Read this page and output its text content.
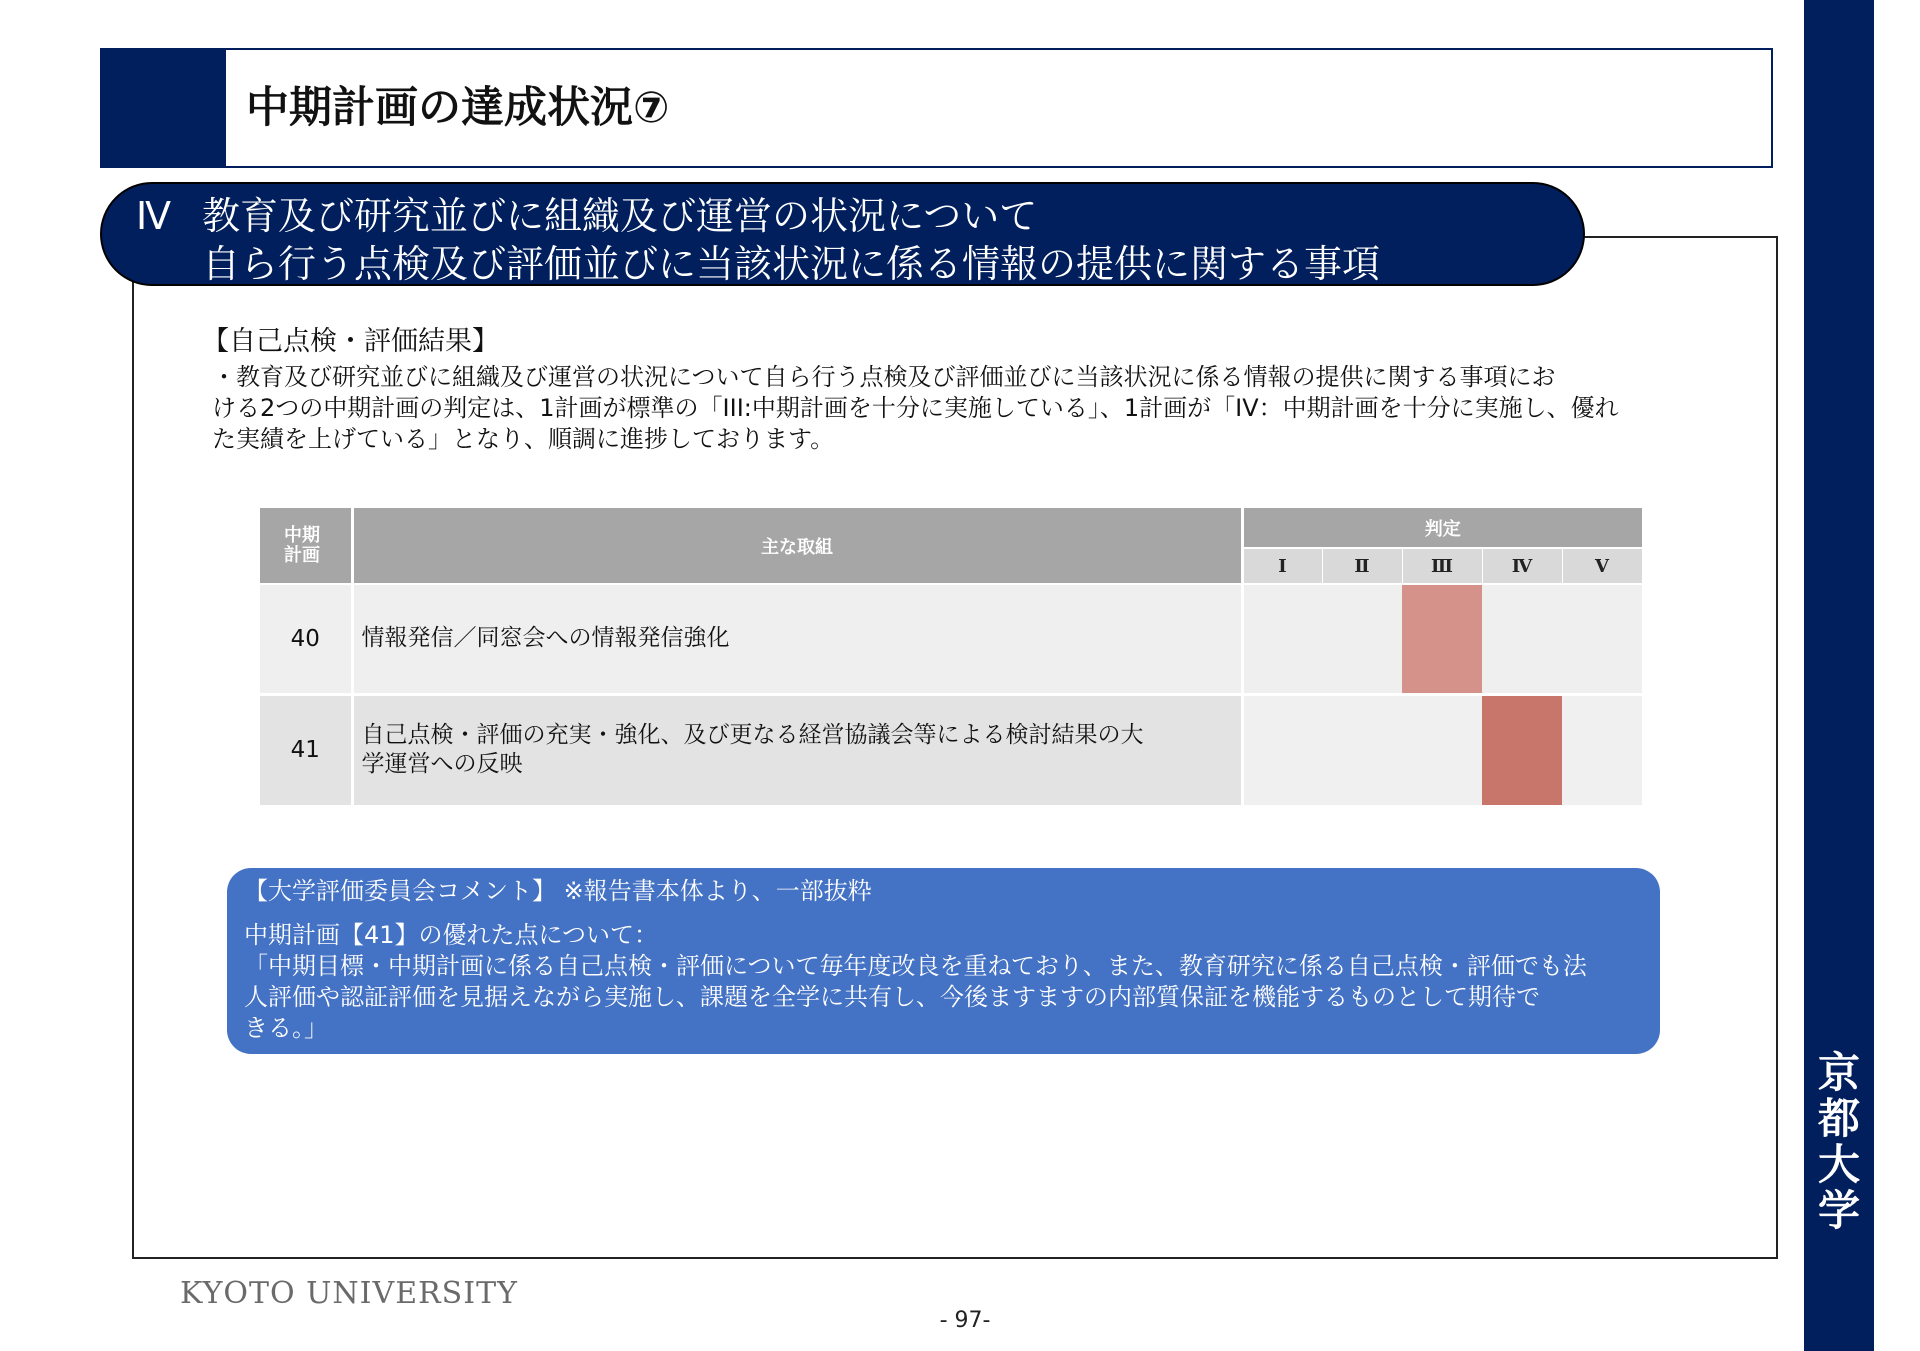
中期計画の達成状況⑦
京
都
大
学
Ⅳ 教育及び研究並びに組織及び運営の状況について
自ら行う点検及び評価並びに当該状況に係る情報の提供に関する事項
【自己点検・評価結果】
・教育及び研究並びに組織及び運営の状況について自ら行う点検及び評価並びに当該状況に係る情報の提供に関する事項にお
ける2つの中期計画の判定は、1計画が標準の「III:中期計画を十分に実施している」、1計画が「IV：中期計画を十分に実施し、優れ
た実績を上げている」となり、順調に進捗しております。
中期
計画	主な取組	判定				
		Ⅰ	Ⅱ	Ⅲ	Ⅳ	Ⅴ
40	情報発信／同窓会への情報発信強化					

41	自己点検・評価の充実・強化、及び更なる経営協議会等による検討結果の大
学運営への反映					

【大学評価委員会コメント】 ※報告書本体より、一部抜粋
中期計画【41】の優れた点について：
「中期目標・中期計画に係る自己点検・評価について毎年度改良を重ねており、また、教育研究に係る自己点検・評価でも法
人評価や認証評価を見据えながら実施し、課題を全学に共有し、今後ますますの内部質保証を機能するものとして期待で
きる。」
KYOTO UNIVERSITY
- 97-
